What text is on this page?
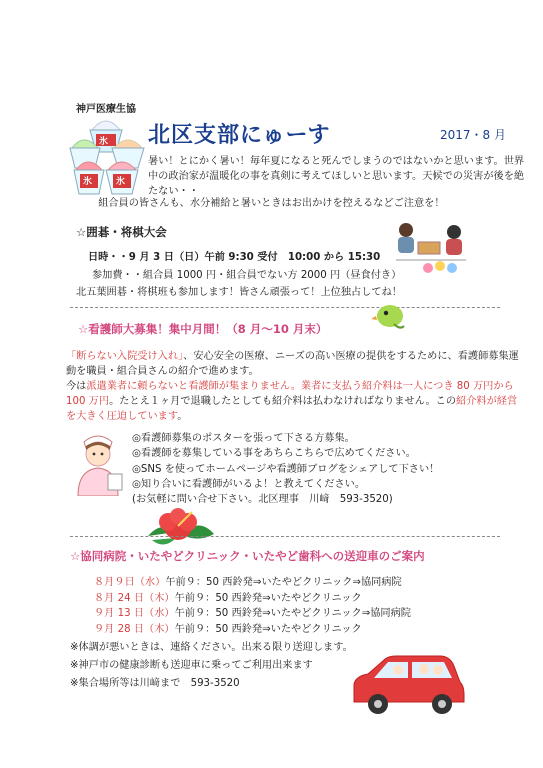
氷
氷	氷
神戸医療生協
北区支部にゅーす	2017・8 月
暑い！とにかく暑い！毎年夏になると死んでしまうのではないかと思います。世界中の政治家が温暖化の事を真剣に考えてほしいと思います。天候での災害が後を絶たない・・
組合員の皆さんも、水分補給と暑いときはお出かけを控えるなどご注意を！
☆囲碁・将棋大会
日時・・9 月 3 日（日）午前 9:30 受付　10:00 から 15:30
参加費・・組合員 1000 円・組合員でない方 2000 円（昼食付き）
北五葉囲碁・将棋班も参加します！皆さん頑張って！上位独占してね！
☆看護師大募集！集中月間！（8 月～10 月末）
「断らない入院受け入れ」、安心安全の医療、ニーズの高い医療の提供をするために、看護師募集運動を職員・組合員さんの紹介で進めます。
今は派遣業者に頼らないと看護師が集まりません。業者に支払う紹介料は一人につき 80 万円から 100 万円。たとえ１ヶ月で退職したとしても紹介料は払わなければなりません。この紹介料が経営を大きく圧迫しています。
◎看護師募集のポスターを張って下さる方募集。
◎看護師を募集している事をあちらこちらで広めてください。
◎SNS を使ってホームページや看護師ブログをシェアして下さい！
◎知り合いに看護師がいるよ！と教えてください。
(お気軽に問い合せ下さい。北区理事　川﨑　593-3520)
☆協同病院・いたやどクリニック・いたやど歯科への送迎車のご案内
８月９日（水）午前９：50 西鈴発⇒いたやどクリニック⇒協同病院
８月 24 日（木）午前９：50 西鈴発⇒いたやどクリニック
９月 13 日（水）午前９：50 西鈴発⇒いたやどクリニック⇒協同病院
９月 28 日（木）午前９：50 西鈴発⇒いたやどクリニック
※体調が悪いときは、連絡ください。出来る限り送迎します。
※神戸市の健康診断も送迎車に乗ってご利用出来ます
※集合場所等は川﨑まで　593-3520
